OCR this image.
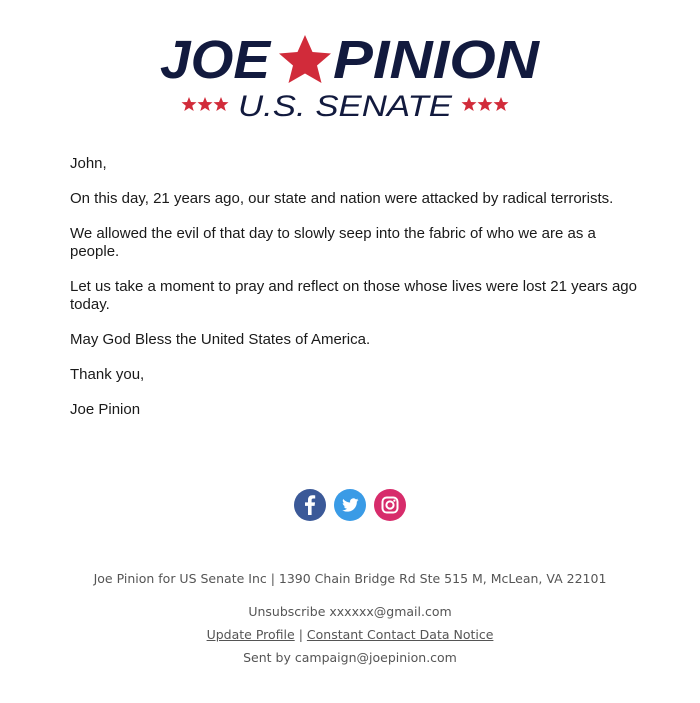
JOE PINION
U.S. SENATE

John,

On this day, 21 years ago, our state and nation were attacked by radical terrorists.

We allowed the evil of that day to slowly seep into the fabric of who we are as a people.

Let us take a moment to pray and reflect on those whose lives were lost 21 years ago today.

May God Bless the United States of America.

Thank you,

Joe Pinion

Joe Pinion for US Senate Inc | 1390 Chain Bridge Rd Ste 515 M, McLean, VA 22101
Unsubscribe xxxxxx@gmail.com
Update Profile | Constant Contact Data Notice
Sent by campaign@joepinion.com
